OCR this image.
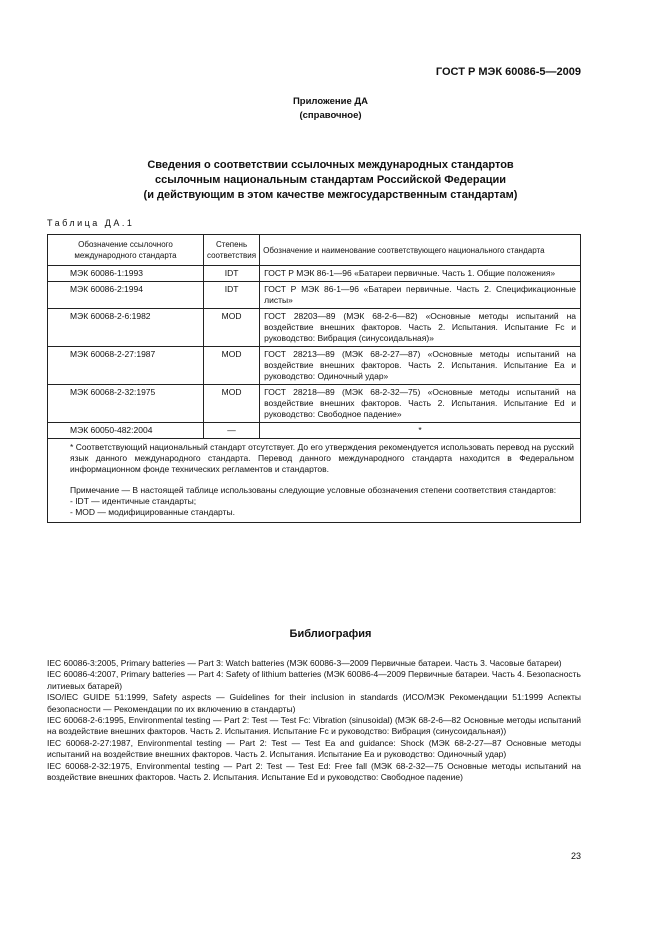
ГОСТ Р МЭК 60086-5—2009
Приложение ДА
(справочное)
Сведения о соответствии ссылочных международных стандартов
ссылочным национальным стандартам Российской Федерации
(и действующим в этом качестве межгосударственным стандартам)
Таблица ДА.1
Обозначение ссылочного международного стандарта	Степень соответствия	Обозначение и наименование соответствующего национального стандарта
МЭК 60086-1:1993	IDT	ГОСТ Р МЭК 86-1—96 «Батареи первичные. Часть 1. Общие положения»
МЭК 60086-2:1994	IDT	ГОСТ Р МЭК 86-1—96 «Батареи первичные. Часть 2. Спецификационные листы»
МЭК 60068-2-6:1982	MOD	ГОСТ 28203—89 (МЭК 68-2-6—82) «Основные методы испытаний на воздействие внешних факторов. Часть 2. Испытания. Испытание Fc и руководство: Вибрация (синусоидальная)»
МЭК 60068-2-27:1987	MOD	ГОСТ 28213—89 (МЭК 68-2-27—87) «Основные методы испытаний на воздействие внешних факторов. Часть 2. Испытания. Испытание Ea и руководство: Одиночный удар»
МЭК 60068-2-32:1975	MOD	ГОСТ 28218—89 (МЭК 68-2-32—75) «Основные методы испытаний на воздействие внешних факторов. Часть 2. Испытания. Испытание Ed и руководство: Свободное падение»
МЭК 60050-482:2004	—	*

* Соответствующий национальный стандарт отсутствует. До его утверждения рекомендуется использовать перевод на русский язык данного международного стандарта. Перевод данного международного стандарта находится в Федеральном информационном фонде технических регламентов и стандартов.

Примечание — В настоящей таблице использованы следующие условные обозначения степени соответствия стандартов:

- IDT — идентичные стандарты;

- MOD — модифицированные стандарты.		

Библиография

IEC 60086-3:2005, Primary batteries — Part 3: Watch batteries (МЭК 60086-3—2009 Первичные батареи. Часть 3. Часовые батареи)

IEC 60086-4:2007, Primary batteries — Part 4: Safety of lithium batteries (МЭК 60086-4—2009 Первичные батареи. Часть 4. Безопасность литиевых батарей)

ISO/IEC GUIDE 51:1999, Safety aspects — Guidelines for their inclusion in standards (ИСО/МЭК Рекомендации 51:1999 Аспекты безопасности — Рекомендации по их включению в стандарты)

IEC 60068-2-6:1995, Environmental testing — Part 2: Test — Test Fc: Vibration (sinusoidal) (МЭК 68-2-6—82 Основные методы испытаний на воздействие внешних факторов. Часть 2. Испытания. Испытание Fc и руководство: Вибрация (синусоидальная))

IEC 60068-2-27:1987, Environmental testing — Part 2: Test — Test Ea and guidance: Shock (МЭК 68-2-27—87 Основные методы испытаний на воздействие внешних факторов. Часть 2. Испытания. Испытание Ea и руководство: Одиночный удар)

IEC 60068-2-32:1975, Environmental testing — Part 2: Test — Test Ed: Free fall (МЭК 68-2-32—75 Основные методы испытаний на воздействие внешних факторов. Часть 2. Испытания. Испытание Ed и руководство: Свободное падение)

23
